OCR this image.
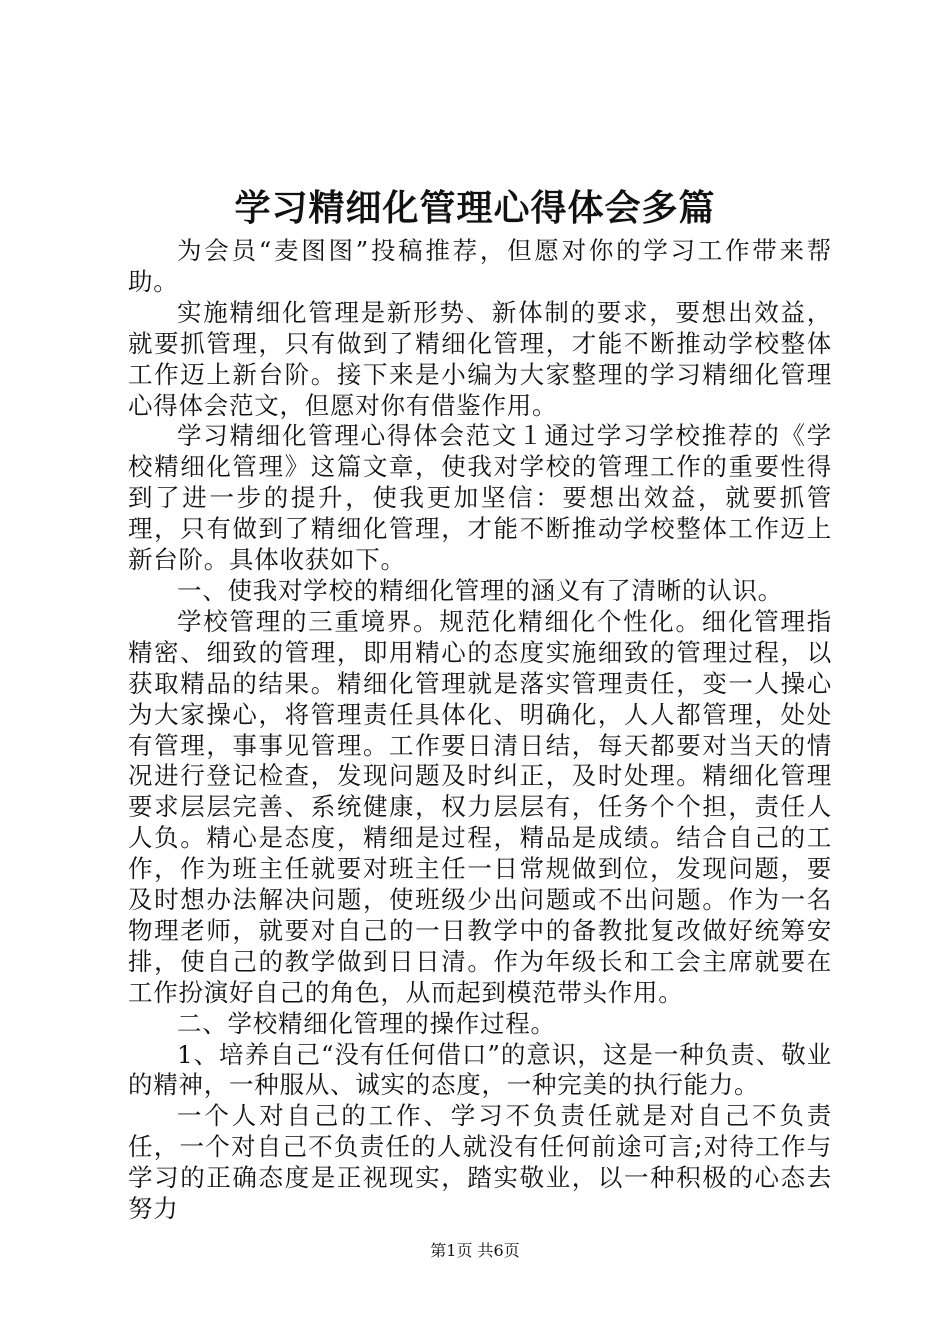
学习精细化管理心得体会多篇

为会员“麦图图”投稿推荐，但愿对你的学习工作带来帮助。

实施精细化管理是新形势、新体制的要求，要想出效益，就要抓管理，只有做到了精细化管理，才能不断推动学校整体工作迈上新台阶。接下来是小编为大家整理的学习精细化管理心得体会范文，但愿对你有借鉴作用。

学习精细化管理心得体会范文１通过学习学校推荐的《学校精细化管理》这篇文章，使我对学校的管理工作的重要性得到了进一步的提升，使我更加坚信：要想出效益，就要抓管理，只有做到了精细化管理，才能不断推动学校整体工作迈上新台阶。具体收获如下。

一、使我对学校的精细化管理的涵义有了清晰的认识。

学校管理的三重境界。规范化精细化个性化。细化管理指精密、细致的管理，即用精心的态度实施细致的管理过程，以获取精品的结果。精细化管理就是落实管理责任，变一人操心为大家操心，将管理责任具体化、明确化，人人都管理，处处有管理，事事见管理。工作要日清日结，每天都要对当天的情况进行登记检查，发现问题及时纠正，及时处理。精细化管理要求层层完善、系统健康，权力层层有，任务个个担，责任人人负。精心是态度，精细是过程，精品是成绩。结合自己的工作，作为班主任就要对班主任一日常规做到位，发现问题，要及时想办法解决问题，使班级少出问题或不出问题。作为一名物理老师，就要对自己的一日教学中的备教批复改做好统筹安排，使自己的教学做到日日清。作为年级长和工会主席就要在工作扮演好自己的角色，从而起到模范带头作用。

二、学校精细化管理的操作过程。

1、培养自己“没有任何借口”的意识，这是一种负责、敬业的精神，一种服从、诚实的态度，一种完美的执行能力。

一个人对自己的工作、学习不负责任就是对自己不负责任，一个对自己不负责任的人就没有任何前途可言;对待工作与学习的正确态度是正视现实，踏实敬业，以一种积极的心态去努力

第1页 共6页
